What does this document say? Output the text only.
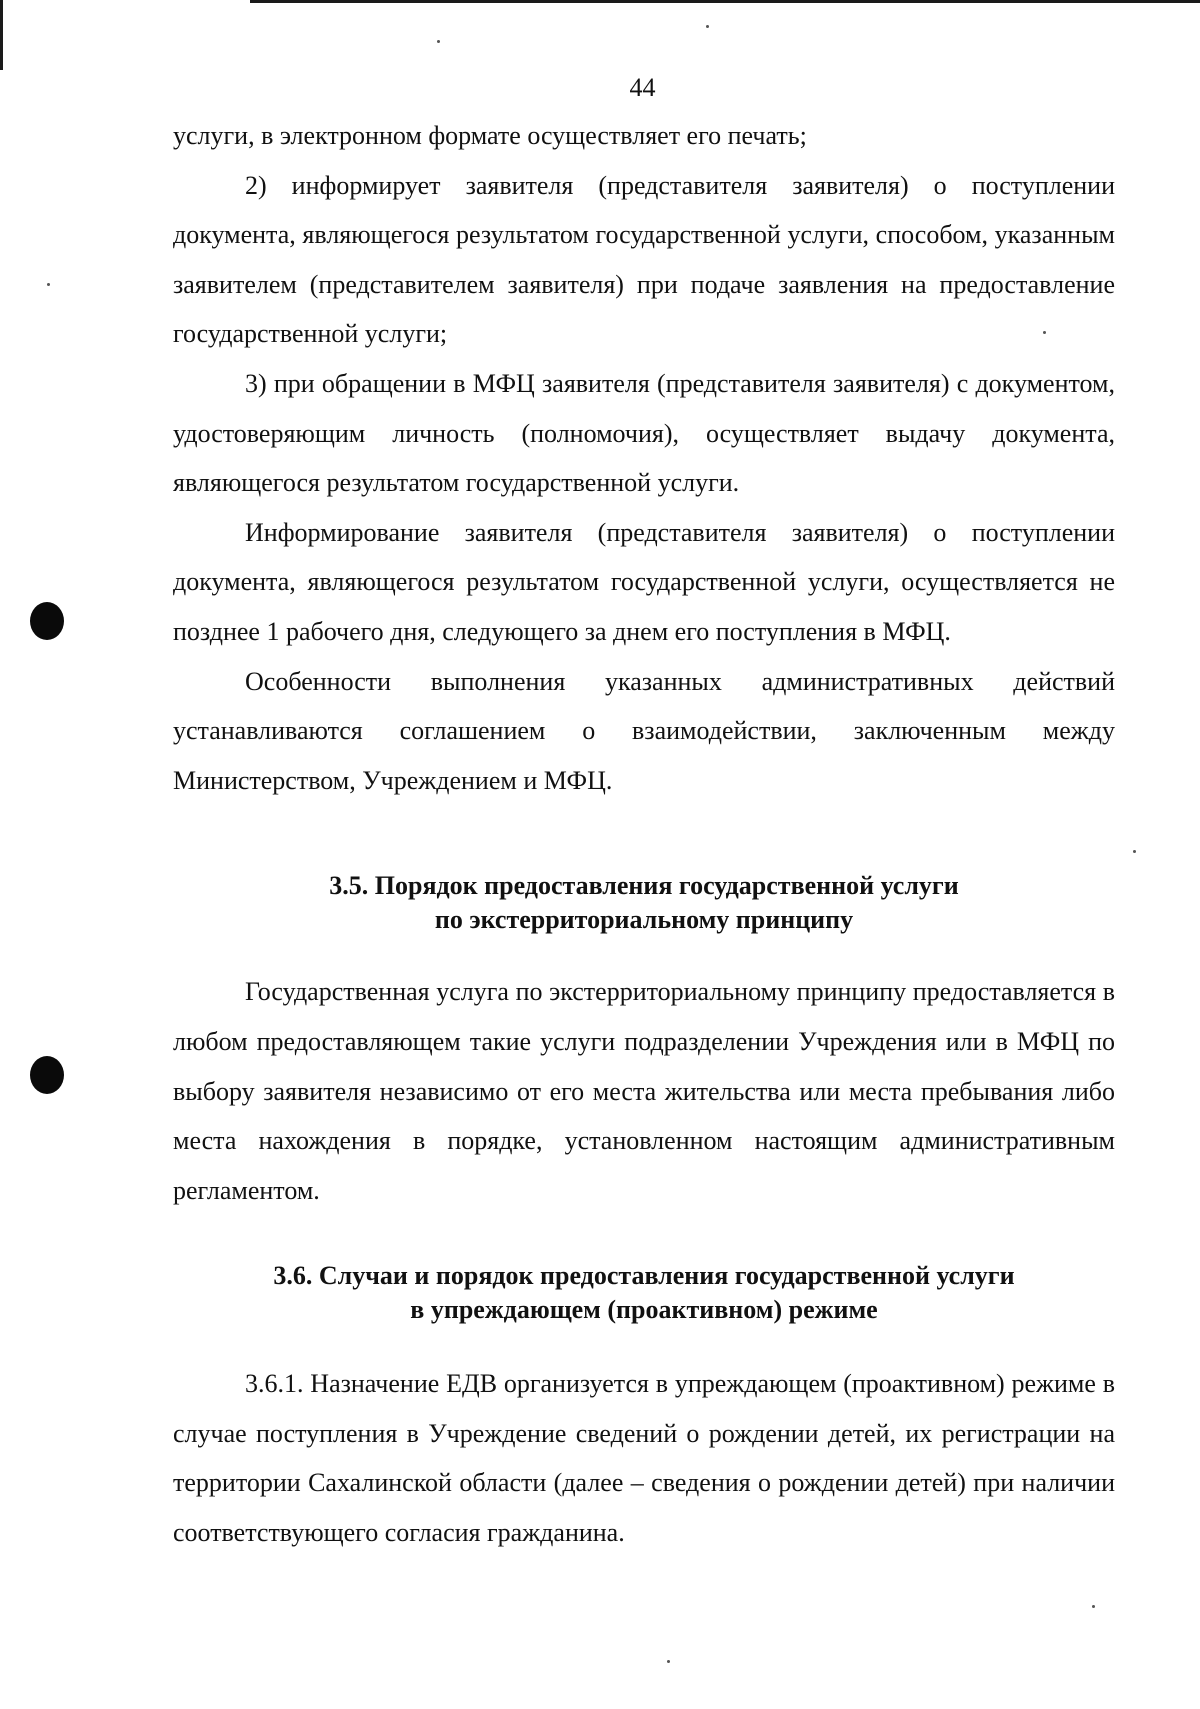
44

услуги, в электронном формате осуществляет его печать;

2) информирует заявителя (представителя заявителя) о поступлении документа, являющегося результатом государственной услуги, способом, указанным заявителем (представителем заявителя) при подаче заявления на предоставление государственной услуги;

3) при обращении в МФЦ заявителя (представителя заявителя) с документом, удостоверяющим личность (полномочия), осуществляет выдачу документа, являющегося результатом государственной услуги.

Информирование заявителя (представителя заявителя) о поступлении документа, являющегося результатом государственной услуги, осуществляется не позднее 1 рабочего дня, следующего за днем его поступления в МФЦ.

Особенности выполнения указанных административных действий устанавливаются соглашением о взаимодействии, заключенным между Министерством, Учреждением и МФЦ.

3.5. Порядок предоставления государственной услуги
по экстерриториальному принципу

Государственная услуга по экстерриториальному принципу предоставляется в любом предоставляющем такие услуги подразделении Учреждения или в МФЦ по выбору заявителя независимо от его места жительства или места пребывания либо места нахождения в порядке, установленном настоящим административным регламентом.

3.6. Случаи и порядок предоставления государственной услуги
в упреждающем (проактивном) режиме

3.6.1. Назначение ЕДВ организуется в упреждающем (проактивном) режиме в случае поступления в Учреждение сведений о рождении детей, их регистрации на территории Сахалинской области (далее – сведения о рождении детей) при наличии соответствующего согласия гражданина.
